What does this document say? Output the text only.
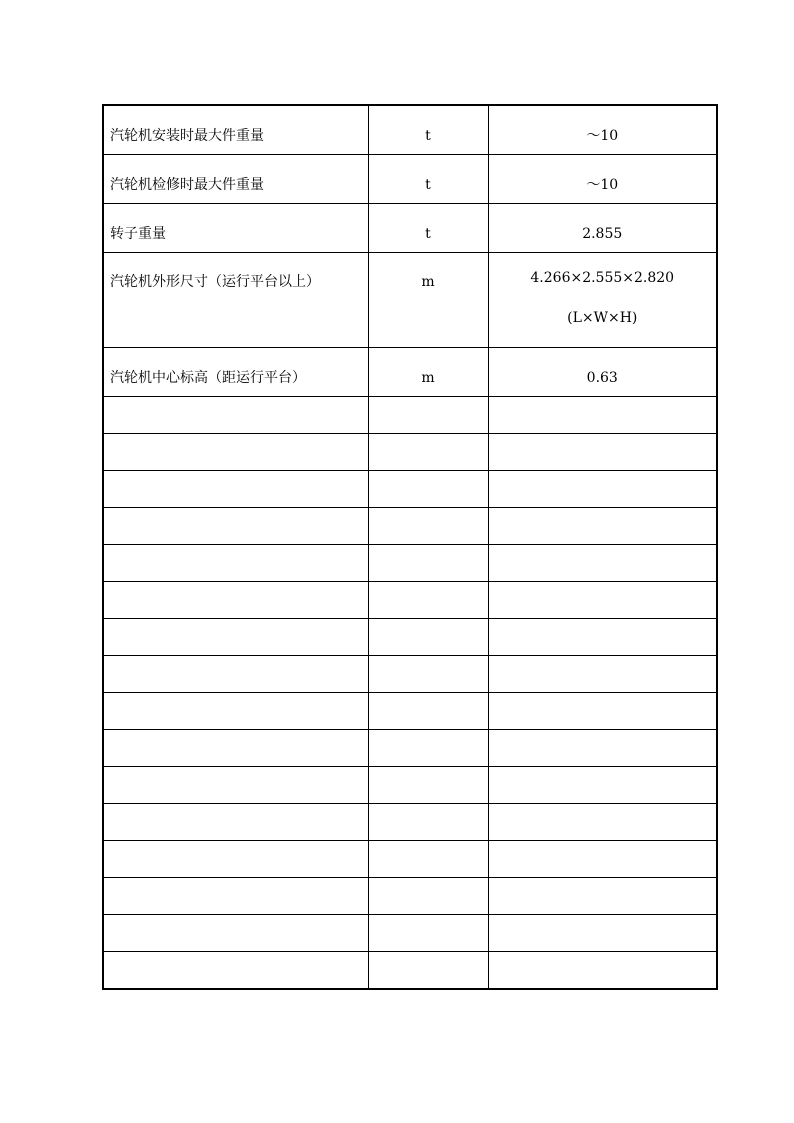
汽轮机安装时最大件重量	t	～10
汽轮机检修时最大件重量	t	～10
转子重量	t	2.855
汽轮机外形尺寸（运行平台以上）	m	4.266×2.555×2.820
(L×W×H)

汽轮机中心标高（距运行平台）	m	0.63
